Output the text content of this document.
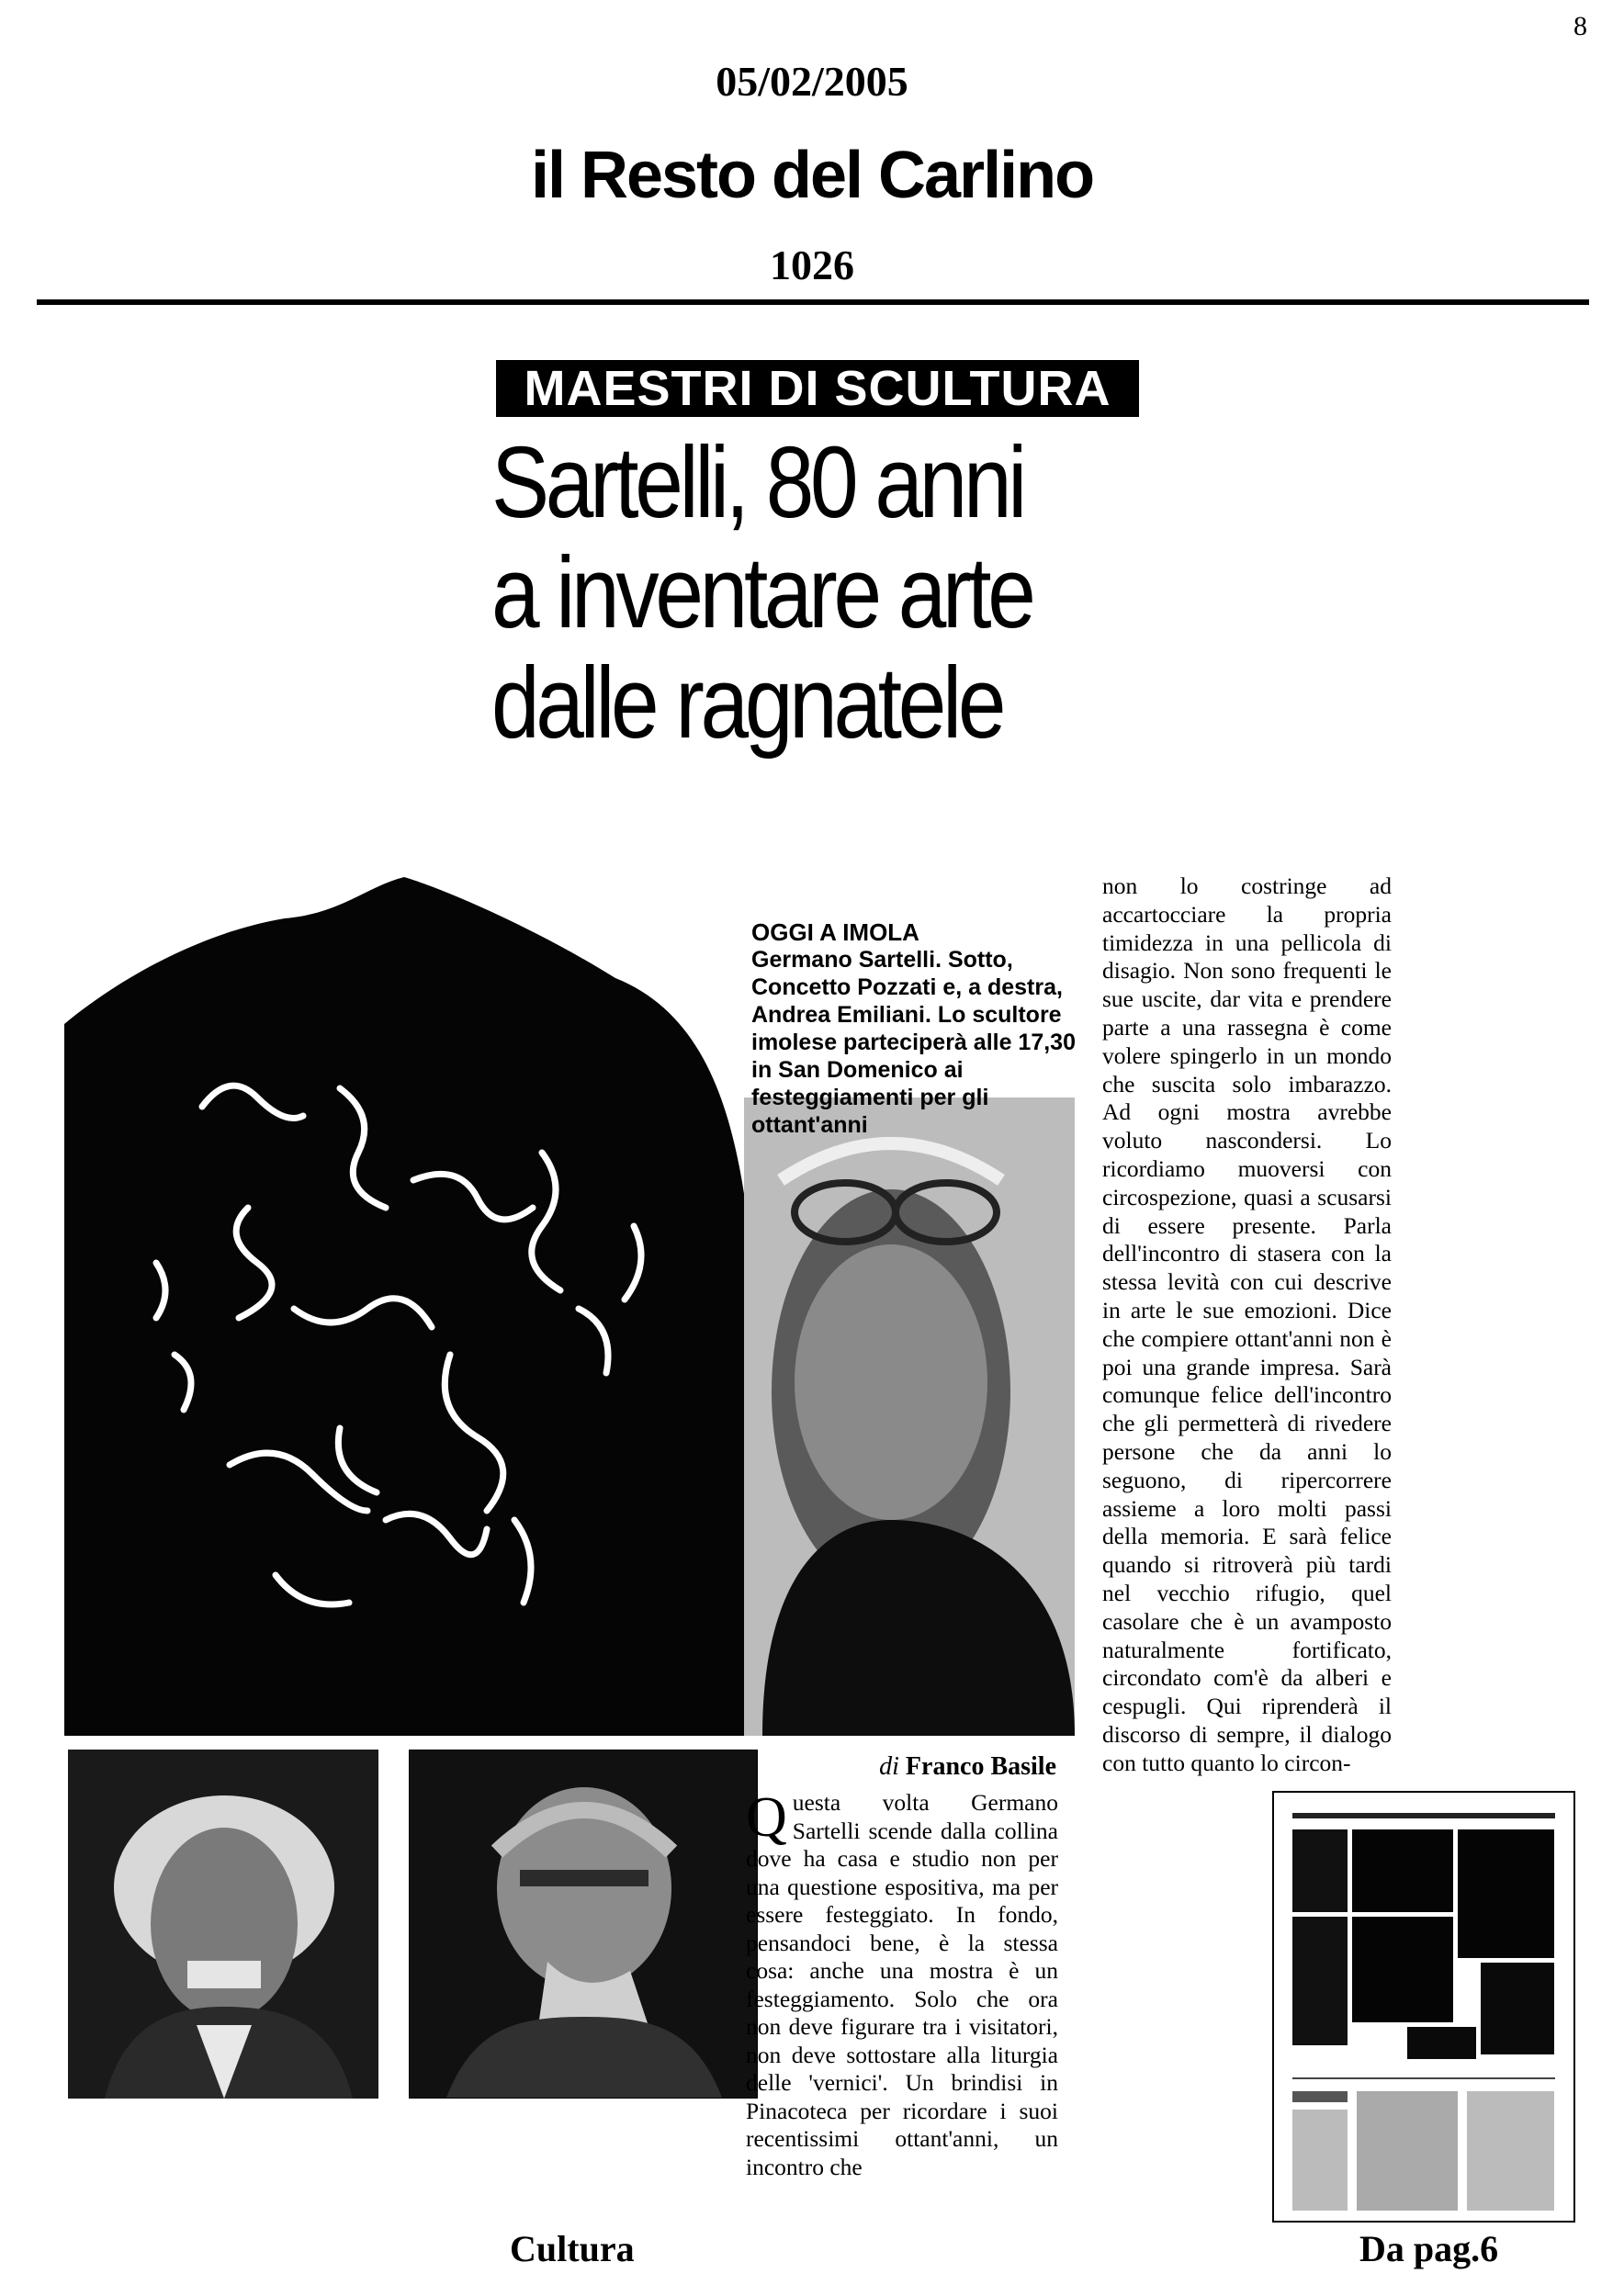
8
05/02/2005
il Resto del Carlino
1026
MAESTRI DI SCULTURA
Sartelli, 80 anni
a inventare arte
dalle ragnatele
OGGI A IMOLA
Germano Sartelli. Sotto, Concetto Pozzati e, a destra, Andrea Emiliani. Lo scultore imolese parteciperà alle 17,30 in San Domenico ai festeggiamenti per gli ottant'anni
non lo costringe ad accartocciare la propria timidezza in una pellicola di disagio. Non sono frequenti le sue uscite, dar vita e prendere parte a una rassegna è come volere spingerlo in un mondo che suscita solo imbarazzo. Ad ogni mostra avrebbe voluto nascondersi. Lo ricordiamo muoversi con circospezione, quasi a scusarsi di essere presente. Parla dell'incontro di stasera con la stessa levità con cui descrive in arte le sue emozioni. Dice che compiere ottant'anni non è poi una grande impresa. Sarà comunque felice dell'incontro che gli permetterà di rivedere persone che da anni lo seguono, di ripercorrere assieme a loro molti passi della memoria. E sarà felice quando si ritroverà più tardi nel vecchio rifugio, quel casolare che è un avamposto naturalmente fortificato, circondato com'è da alberi e cespugli. Qui riprenderà il discorso di sempre, il dialogo con tutto quanto lo circon-
di Franco Basile
Q uesta volta Germano Sartelli scende dalla collina dove ha casa e studio non per una questione espositiva, ma per essere festeggiato. In fondo, pensandoci bene, è la stessa cosa: anche una mostra è un festeggiamento. Solo che ora non deve figurare tra i visitatori, non deve sottostare alla liturgia delle 'vernici'. Un brindisi in Pinacoteca per ricordare i suoi recentissimi ottant'anni, un incontro che
Cultura	Da pag.6
